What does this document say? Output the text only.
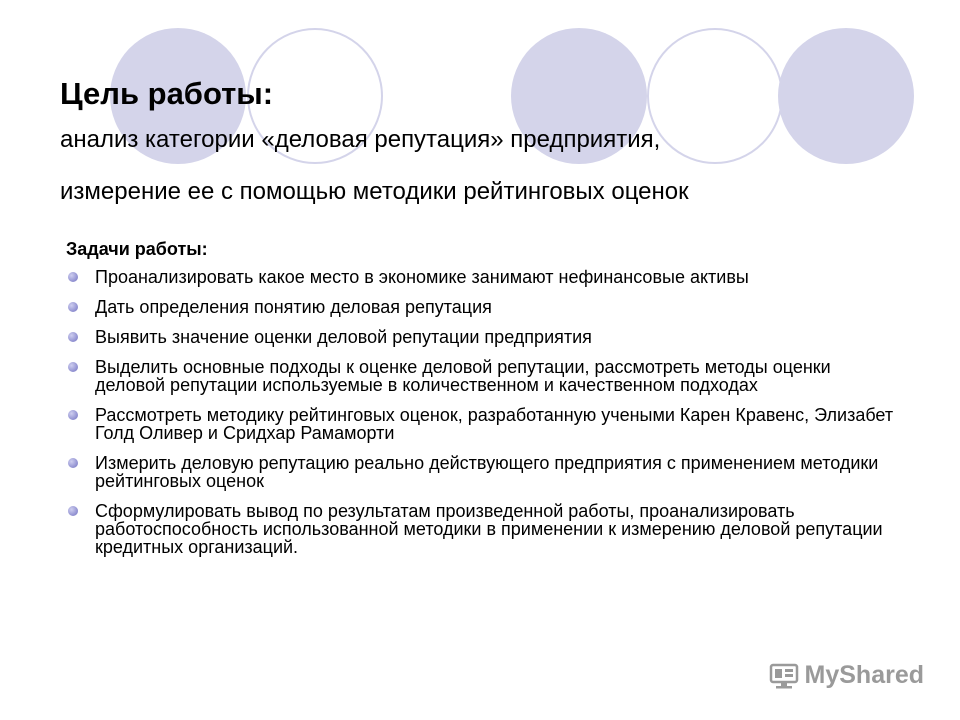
Цель работы:
анализ категории «деловая репутация» предприятия,
измерение ее с помощью методики рейтинговых оценок
Задачи работы:
Проанализировать какое место в экономике занимают нефинансовые активы
Дать определения понятию деловая репутация
Выявить значение оценки деловой репутации предприятия
Выделить основные подходы к оценке деловой репутации, рассмотреть методы оценки деловой репутации используемые в количественном и качественном подходах
Рассмотреть методику рейтинговых оценок, разработанную учеными Карен Кравенс, Элизабет Голд Оливер и Сридхар Рамаморти
Измерить деловую репутацию реально действующего предприятия с применением методики рейтинговых оценок
Сформулировать вывод по результатам произведенной работы, проанализировать работоспособность использованной методики в применении к измерению деловой репутации кредитных организаций.
MyShared
